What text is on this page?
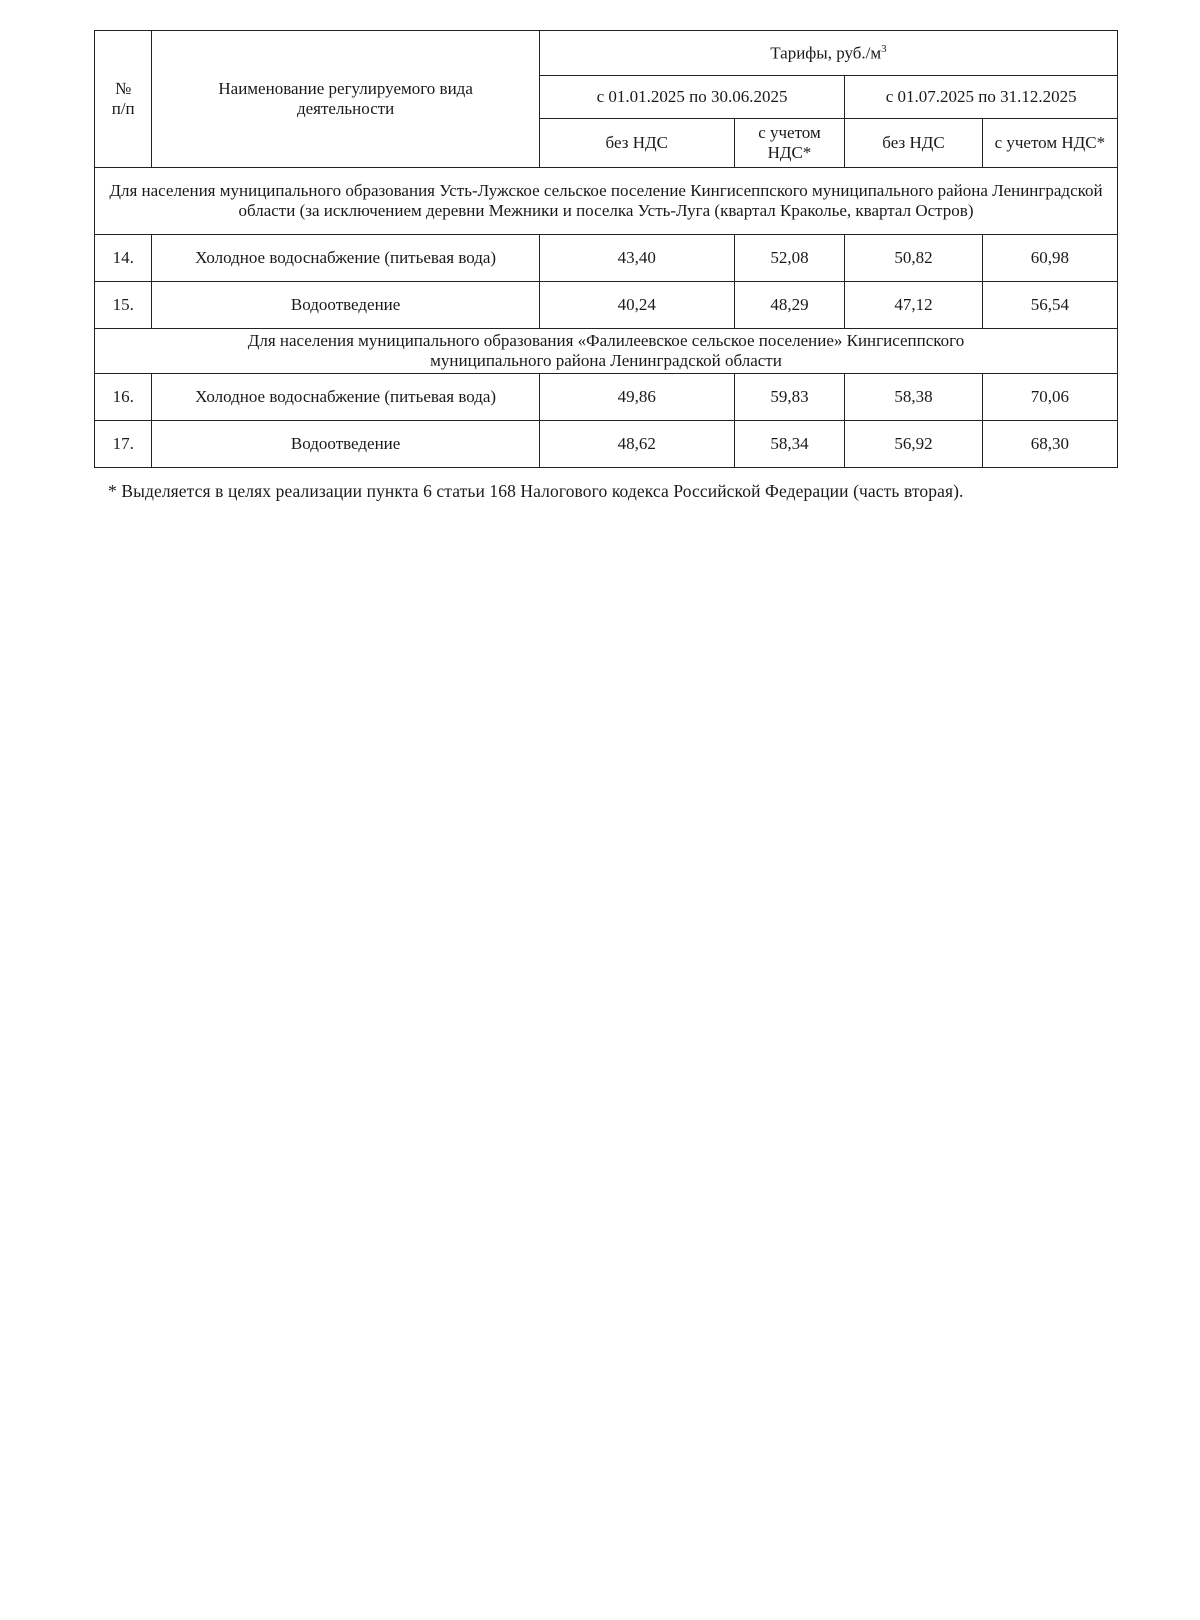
№
п/п	Наименование регулируемого вида деятельности	Тарифы, $руб./м^3$
		с 01.01.2025 по 30.06.2025		с 01.07.2025 по 31.12.2025	
		без НДС	с учетом НДС*	без НДС	с учетом НДС*
Для населения муниципального образования Усть-Лужское сельское поселение Кингисеппского муниципального района Ленинградской области (за исключением деревни Межники и поселка Усть-Луга (квартал Краколье, квартал Остров)					
14.	Холодное водоснабжение (питьевая вода)	43,40	52,08	50,82	60,98
15.	Водоотведение	40,24	48,29	47,12	56,54
Для населения муниципального образования «Фалилеевское сельское поселение» Кингисеппского муниципального района Ленинградской области					
16.	Холодное водоснабжение (питьевая вода)	49,86	59,83	58,38	70,06
17.	Водоотведение	48,62	58,34	56,92	68,30
* Выделяется в целях реализации пункта 6 статьи 168 Налогового кодекса Российской Федерации (часть вторая).
